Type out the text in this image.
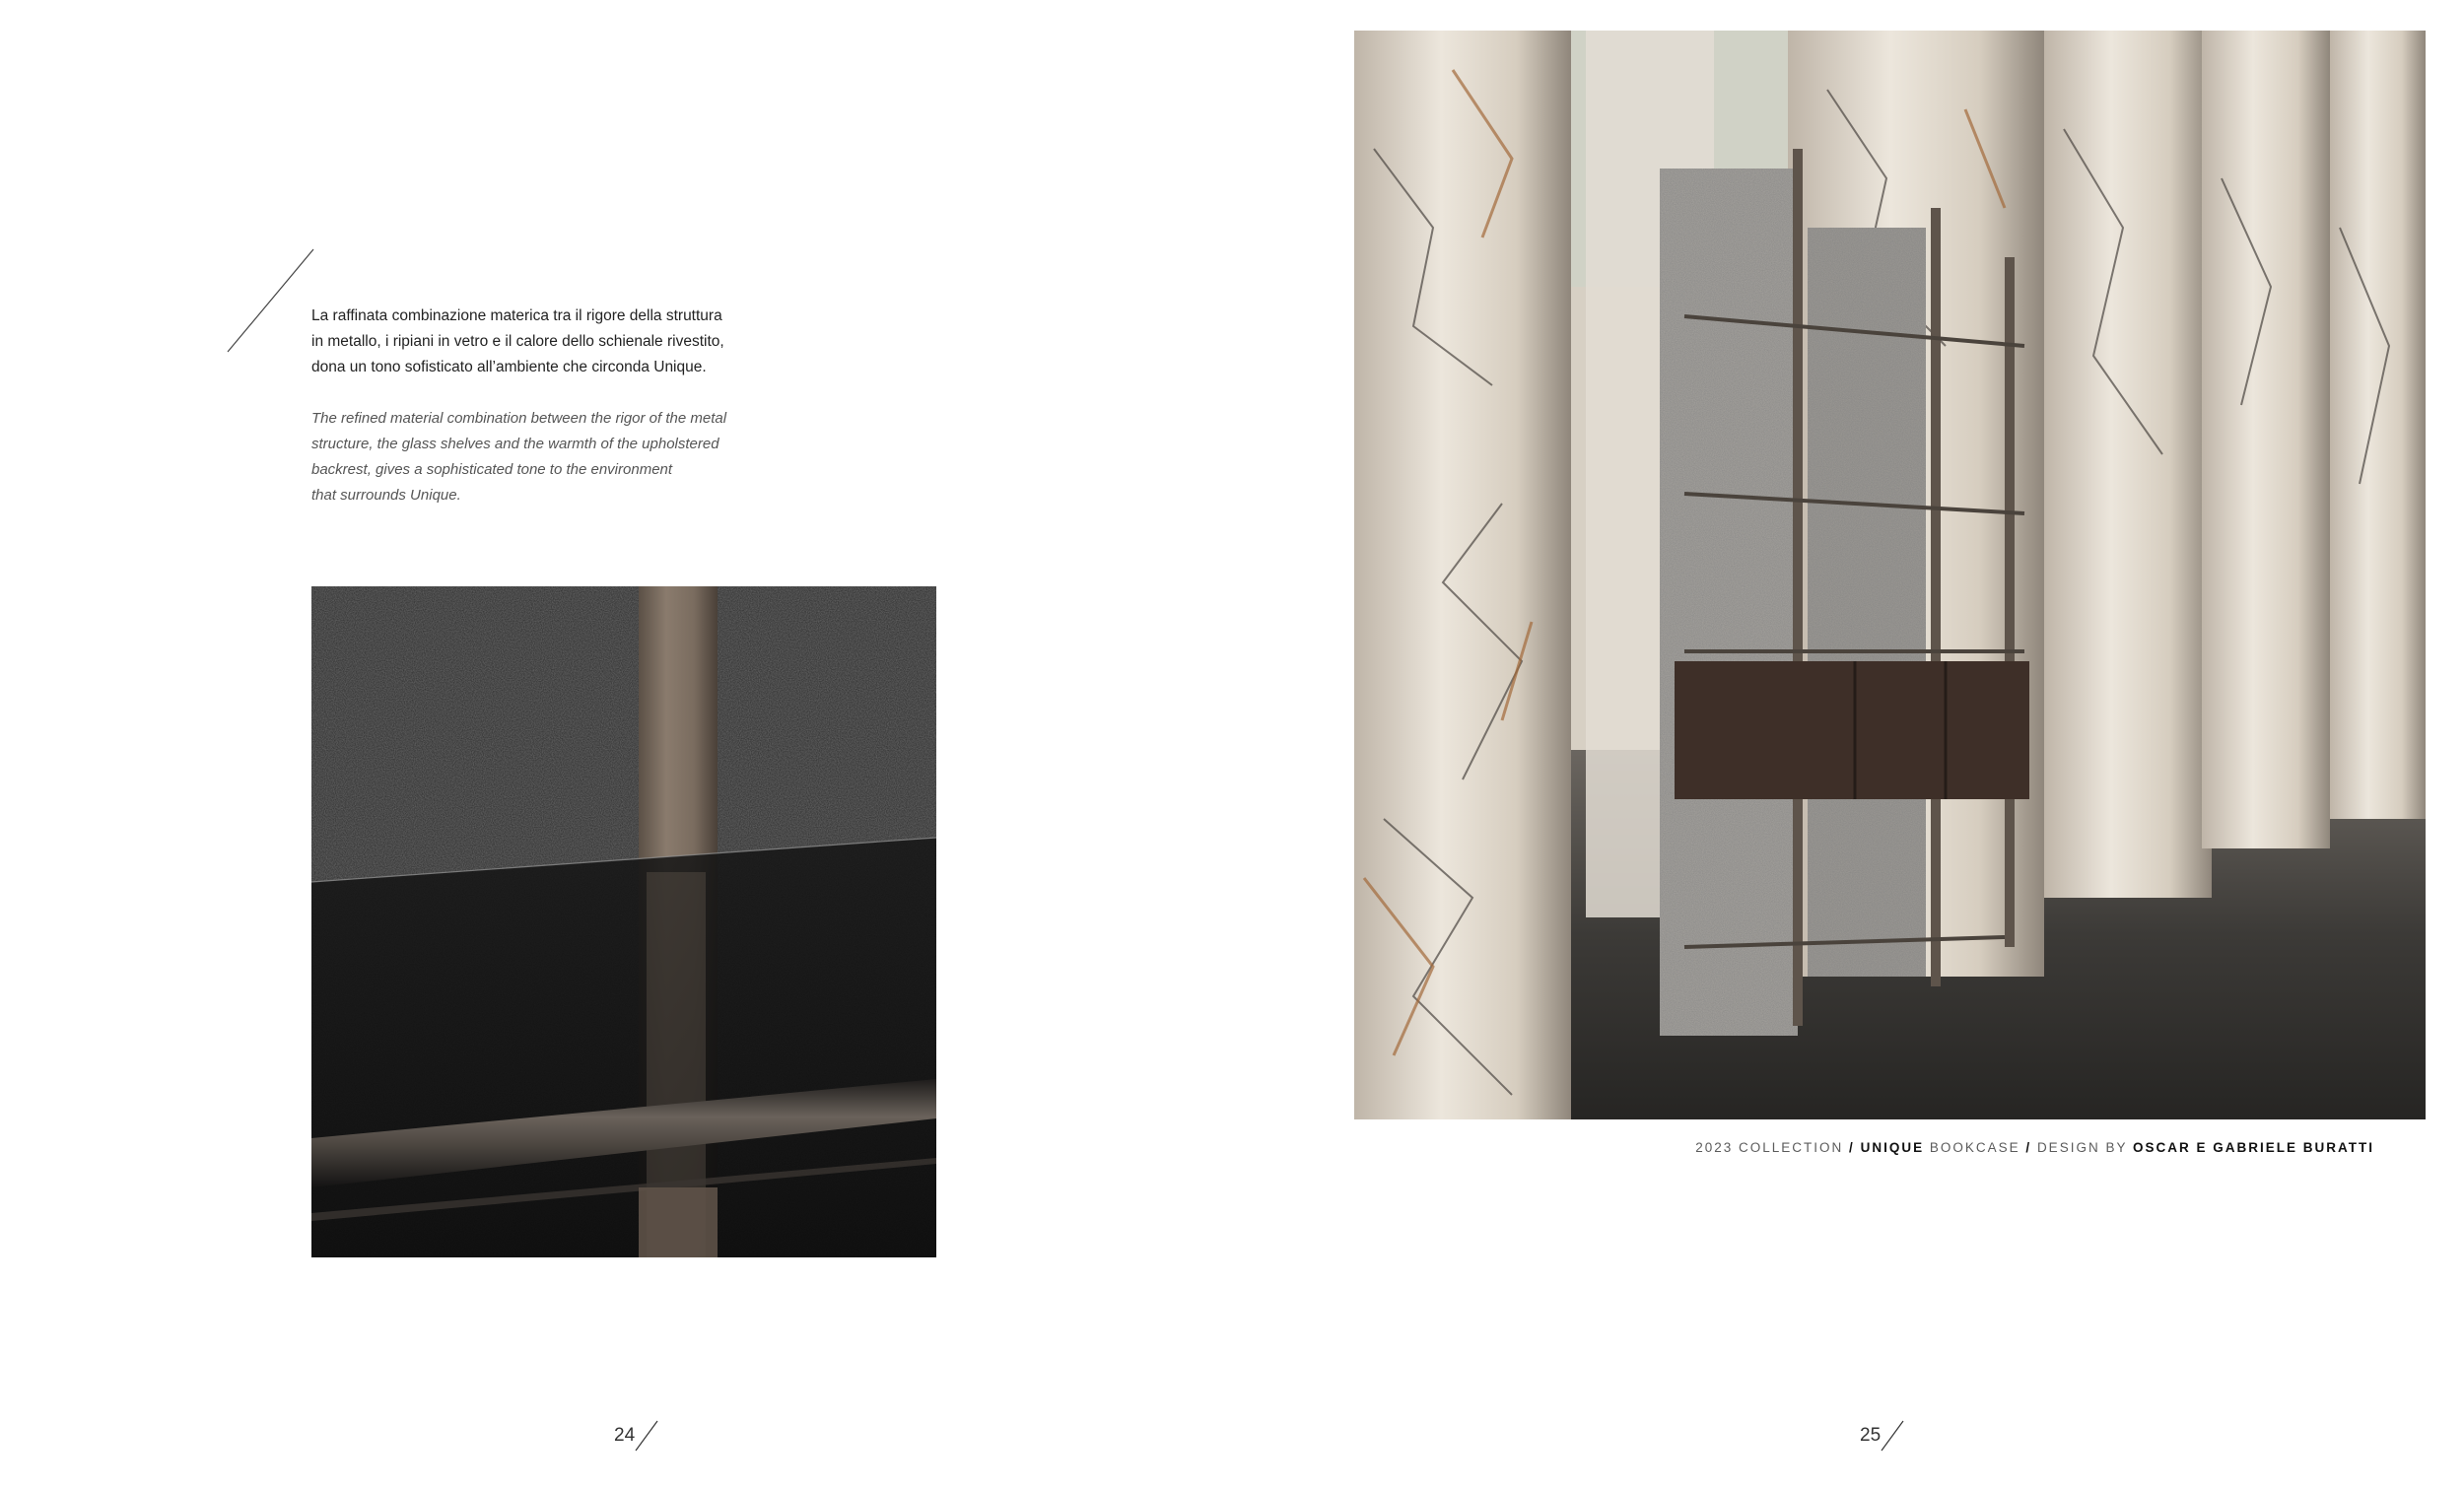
La raffinata combinazione materica tra il rigore della struttura
in metallo, i ripiani in vetro e il calore dello schienale rivestito,
dona un tono sofisticato all’ambiente che circonda Unique.
The refined material combination between the rigor of the metal
structure, the glass shelves and the warmth of the upholstered
backrest, gives a sophisticated tone to the environment
that surrounds Unique.
2023 COLLECTION / UNIQUE BOOKCASE / DESIGN BY OSCAR E GABRIELE BURATTI
24	25
